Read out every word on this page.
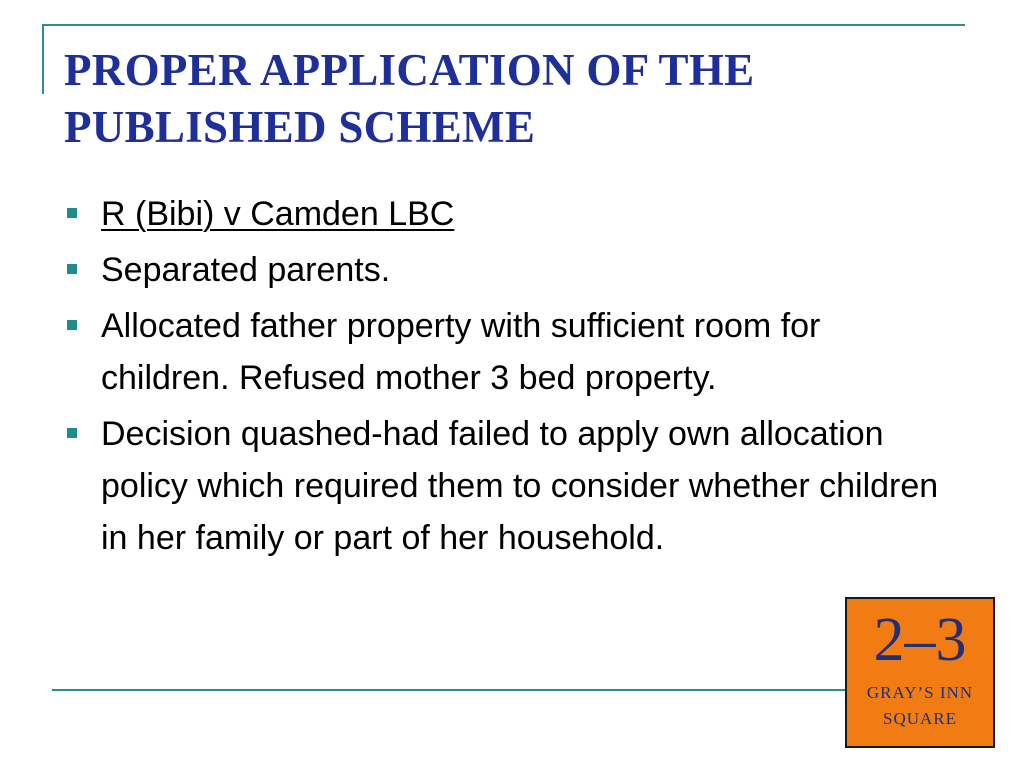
PROPER APPLICATION OF THE PUBLISHED SCHEME
R (Bibi) v Camden LBC
Separated parents.
Allocated father property with sufficient room for children. Refused mother 3 bed property.
Decision quashed-had failed to apply own allocation policy which required them to consider whether children in her family or part of her household.
2–3
GRAY’S INN
SQUARE
